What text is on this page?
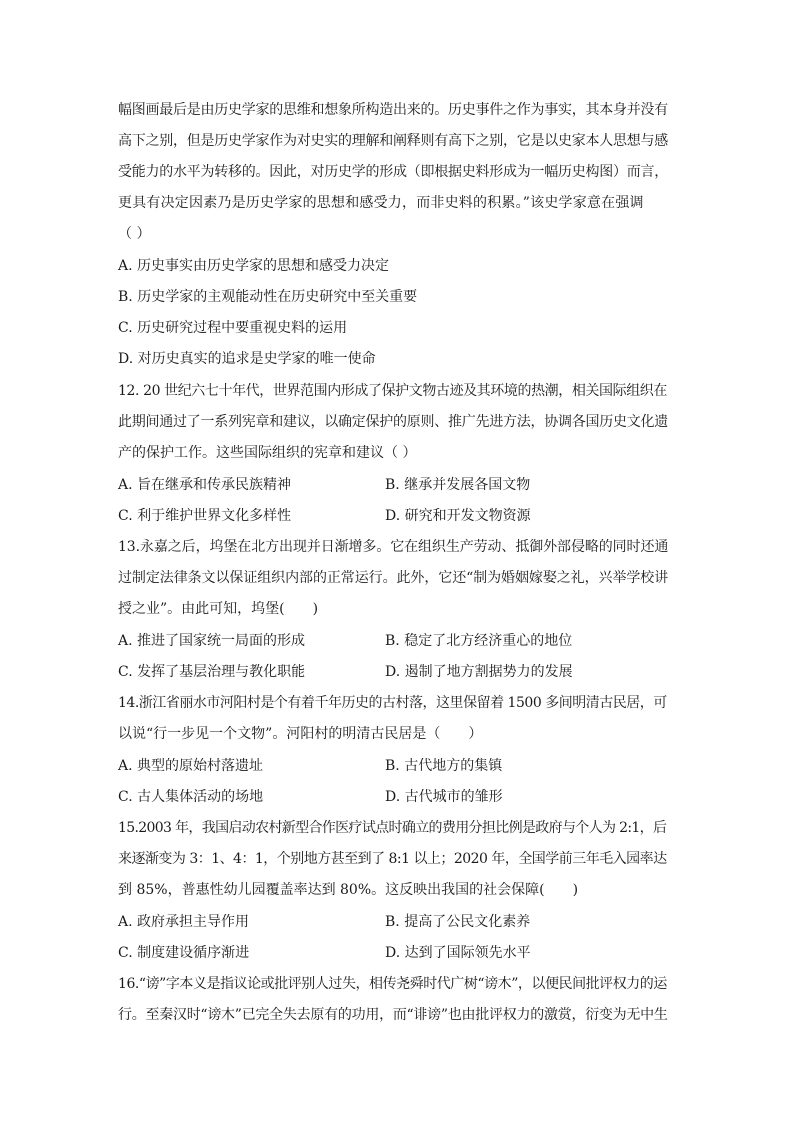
幅图画最后是由历史学家的思维和想象所构造出来的。历史事件之作为事实，其本身并没有
高下之别，但是历史学家作为对史实的理解和阐释则有高下之别，它是以史家本人思想与感
受能力的水平为转移的。因此，对历史学的形成（即根据史料形成为一幅历史构图）而言，
更具有决定因素乃是历史学家的思想和感受力，而非史料的积累。”该史学家意在强调
（ ）
A. 历史事实由历史学家的思想和感受力决定
B. 历史学家的主观能动性在历史研究中至关重要
C. 历史研究过程中要重视史料的运用
D. 对历史真实的追求是史学家的唯一使命
12. 20 世纪六七十年代，世界范围内形成了保护文物古迹及其环境的热潮，相关国际组织在
此期间通过了一系列宪章和建议，以确定保护的原则、推广先进方法，协调各国历史文化遗
产的保护工作。这些国际组织的宪章和建议（ ）
A. 旨在继承和传承民族精神	B. 继承并发展各国文物
C. 利于维护世界文化多样性	D. 研究和开发文物资源
13.永嘉之后，坞堡在北方出现并日渐增多。它在组织生产劳动、抵御外部侵略的同时还通
过制定法律条文以保证组织内部的正常运行。此外，它还“制为婚姻嫁娶之礼，兴举学校讲
授之业”。由此可知，坞堡(　　)
A. 推进了国家统一局面的形成	B. 稳定了北方经济重心的地位
C. 发挥了基层治理与教化职能	D. 遏制了地方割据势力的发展
14.浙江省丽水市河阳村是个有着千年历史的古村落，这里保留着 1500 多间明清古民居，可
以说“行一步见一个文物”。河阳村的明清古民居是（　　）
A. 典型的原始村落遗址	B. 古代地方的集镇
C. 古人集体活动的场地	D. 古代城市的雏形
15.2003 年，我国启动农村新型合作医疗试点时确立的费用分担比例是政府与个人为 2:1，后
来逐渐变为 3：1、4：1，个别地方甚至到了 8:1 以上；2020 年，全国学前三年毛入园率达
到 85%，普惠性幼儿园覆盖率达到 80%。这反映出我国的社会保障(　　)
A. 政府承担主导作用	B. 提高了公民文化素养
C. 制度建设循序渐进	D. 达到了国际领先水平
16.“谤”字本义是指议论或批评别人过失，相传尧舜时代广树“谤木”，以便民间批评权力的运
行。至秦汉时“谤木”已完全失去原有的功用，而“诽谤”也由批评权力的激赏，衍变为无中生
